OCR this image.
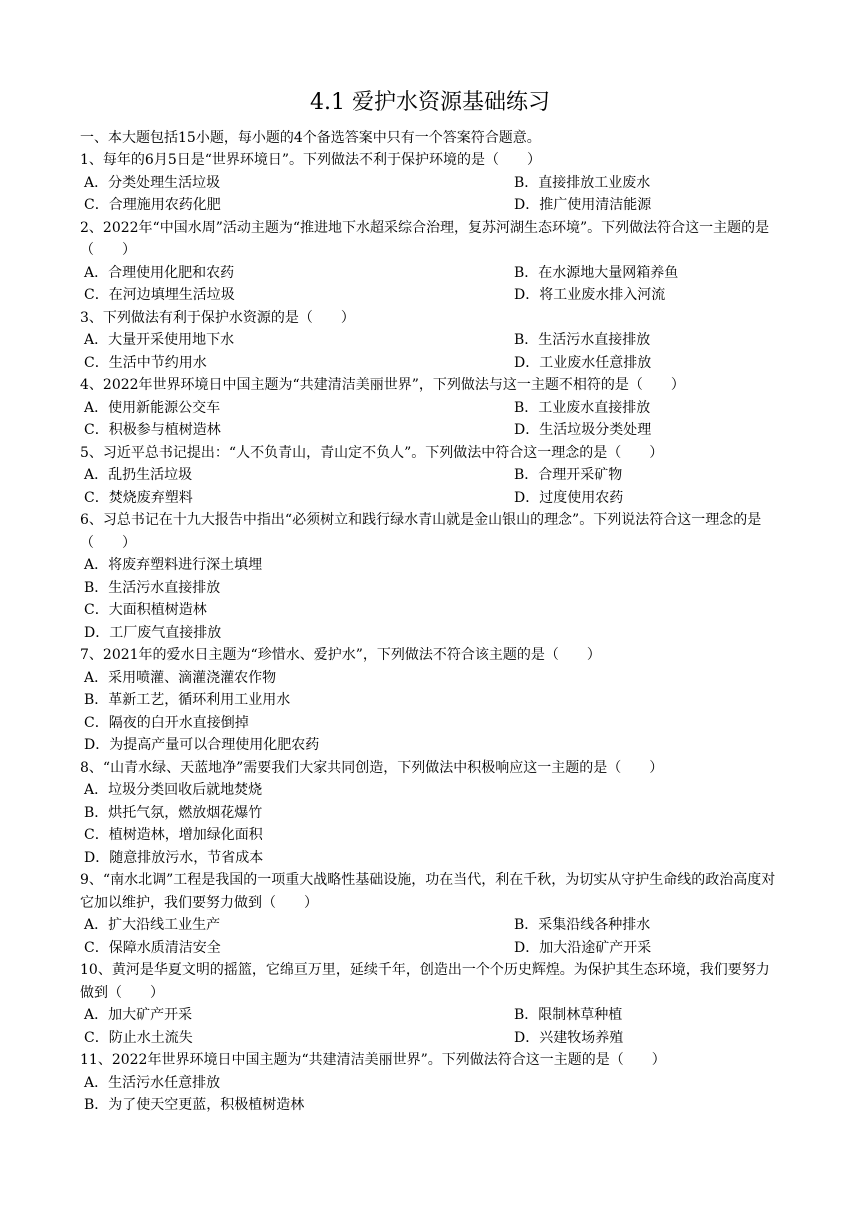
4.1 爱护水资源基础练习

一、本大题包括15小题，每小题的4个备选答案中只有一个答案符合题意。

1、每年的6月5日是“世界环境日”。下列做法不利于保护环境的是（　　）

A．分类处理生活垃圾	B．直接排放工业废水
C．合理施用农药化肥	D．推广使用清洁能源

2、2022年“中国水周”活动主题为“推进地下水超采综合治理，复苏河湖生态环境”。下列做法符合这一主题的是（　　）

A．合理使用化肥和农药	B．在水源地大量网箱养鱼
C．在河边填埋生活垃圾	D．将工业废水排入河流

3、下列做法有利于保护水资源的是（　　）

A．大量开采使用地下水	B．生活污水直接排放
C．生活中节约用水	D．工业废水任意排放

4、2022年世界环境日中国主题为“共建清洁美丽世界”，下列做法与这一主题不相符的是（　　）

A．使用新能源公交车	B．工业废水直接排放
C．积极参与植树造林	D．生活垃圾分类处理

5、习近平总书记提出：“人不负青山，青山定不负人”。下列做法中符合这一理念的是（　　）

A．乱扔生活垃圾	B．合理开采矿物
C．焚烧废弃塑料	D．过度使用农药

6、习总书记在十九大报告中指出“必须树立和践行绿水青山就是金山银山的理念”。下列说法符合这一理念的是（　　）

A．将废弃塑料进行深土填埋
B．生活污水直接排放
C．大面积植树造林
D．工厂废气直接排放

7、2021年的爱水日主题为“珍惜水、爱护水”，下列做法不符合该主题的是（　　）

A．采用喷灌、滴灌浇灌农作物
B．革新工艺，循环利用工业用水
C．隔夜的白开水直接倒掉
D．为提高产量可以合理使用化肥农药

8、“山青水绿、天蓝地净”需要我们大家共同创造，下列做法中积极响应这一主题的是（　　）

A．垃圾分类回收后就地焚烧
B．烘托气氛，燃放烟花爆竹
C．植树造林，增加绿化面积
D．随意排放污水，节省成本

9、“南水北调”工程是我国的一项重大战略性基础设施，功在当代，利在千秋，为切实从守护生命线的政治高度对它加以维护，我们要努力做到（　　）

A．扩大沿线工业生产	B．采集沿线各种排水
C．保障水质清洁安全	D．加大沿途矿产开采

10、黄河是华夏文明的摇篮，它绵亘万里，延续千年，创造出一个个历史辉煌。为保护其生态环境，我们要努力做到（　　）

A．加大矿产开采	B．限制林草种植
C．防止水土流失	D．兴建牧场养殖

11、2022年世界环境日中国主题为“共建清洁美丽世界”。下列做法符合这一主题的是（　　）

A．生活污水任意排放
B．为了使天空更蓝，积极植树造林
